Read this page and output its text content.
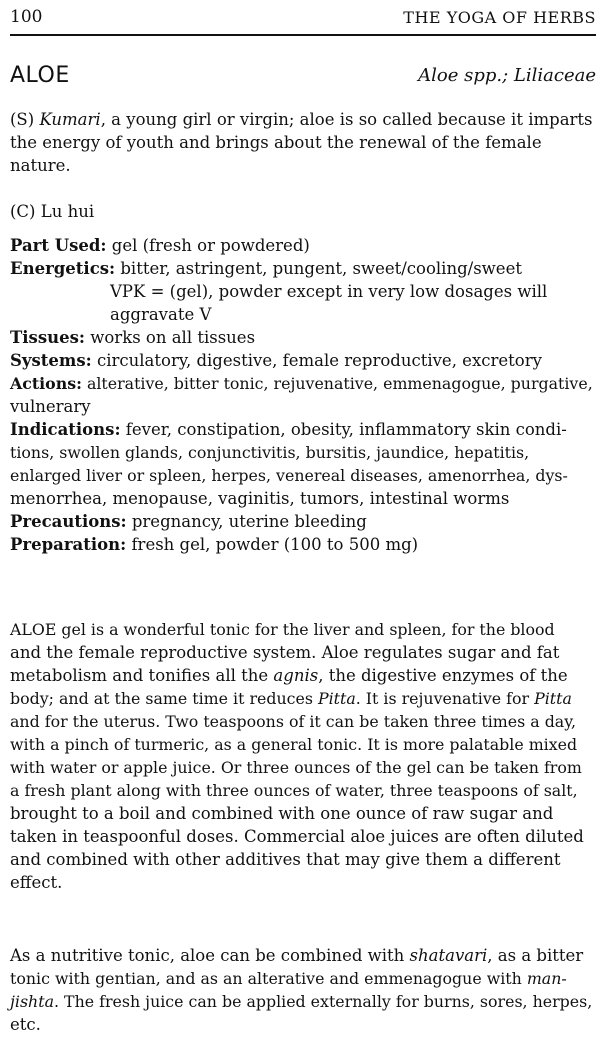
100	THE YOGA OF HERBS
ALOE	Aloe spp.; Liliaceae

(S) Kumari, a young girl or virgin; aloe is so called because it imparts
the energy of youth and brings about the renewal of the female
nature.

(C) Lu hui

Part Used: gel (fresh or powdered)
Energetics: bitter, astringent, pungent, sweet/cooling/sweet
VPK = (gel), powder except in very low dosages will
aggravate V
Tissues: works on all tissues
Systems: circulatory, digestive, female reproductive, excretory
Actions: alterative, bitter tonic, rejuvenative, emmenagogue, purgative,
vulnerary
Indications: fever, constipation, obesity, inflammatory skin condi-
tions, swollen glands, conjunctivitis, bursitis, jaundice, hepatitis,
enlarged liver or spleen, herpes, venereal diseases, amenorrhea, dys-
menorrhea, menopause, vaginitis, tumors, intestinal worms
Precautions: pregnancy, uterine bleeding
Preparation: fresh gel, powder (100 to 500 mg)

ALOE gel is a wonderful tonic for the liver and spleen, for the blood
and the female reproductive system. Aloe regulates sugar and fat
metabolism and tonifies all the agnis, the digestive enzymes of the
body; and at the same time it reduces Pitta. It is rejuvenative for Pitta
and for the uterus. Two teaspoons of it can be taken three times a day,
with a pinch of turmeric, as a general tonic. It is more palatable mixed
with water or apple juice. Or three ounces of the gel can be taken from
a fresh plant along with three ounces of water, three teaspoons of salt,
brought to a boil and combined with one ounce of raw sugar and
taken in teaspoonful doses. Commercial aloe juices are often diluted
and combined with other additives that may give them a different
effect.

As a nutritive tonic, aloe can be combined with shatavari, as a bitter
tonic with gentian, and as an alterative and emmenagogue with man-
jishta. The fresh juice can be applied externally for burns, sores, herpes,
etc.
